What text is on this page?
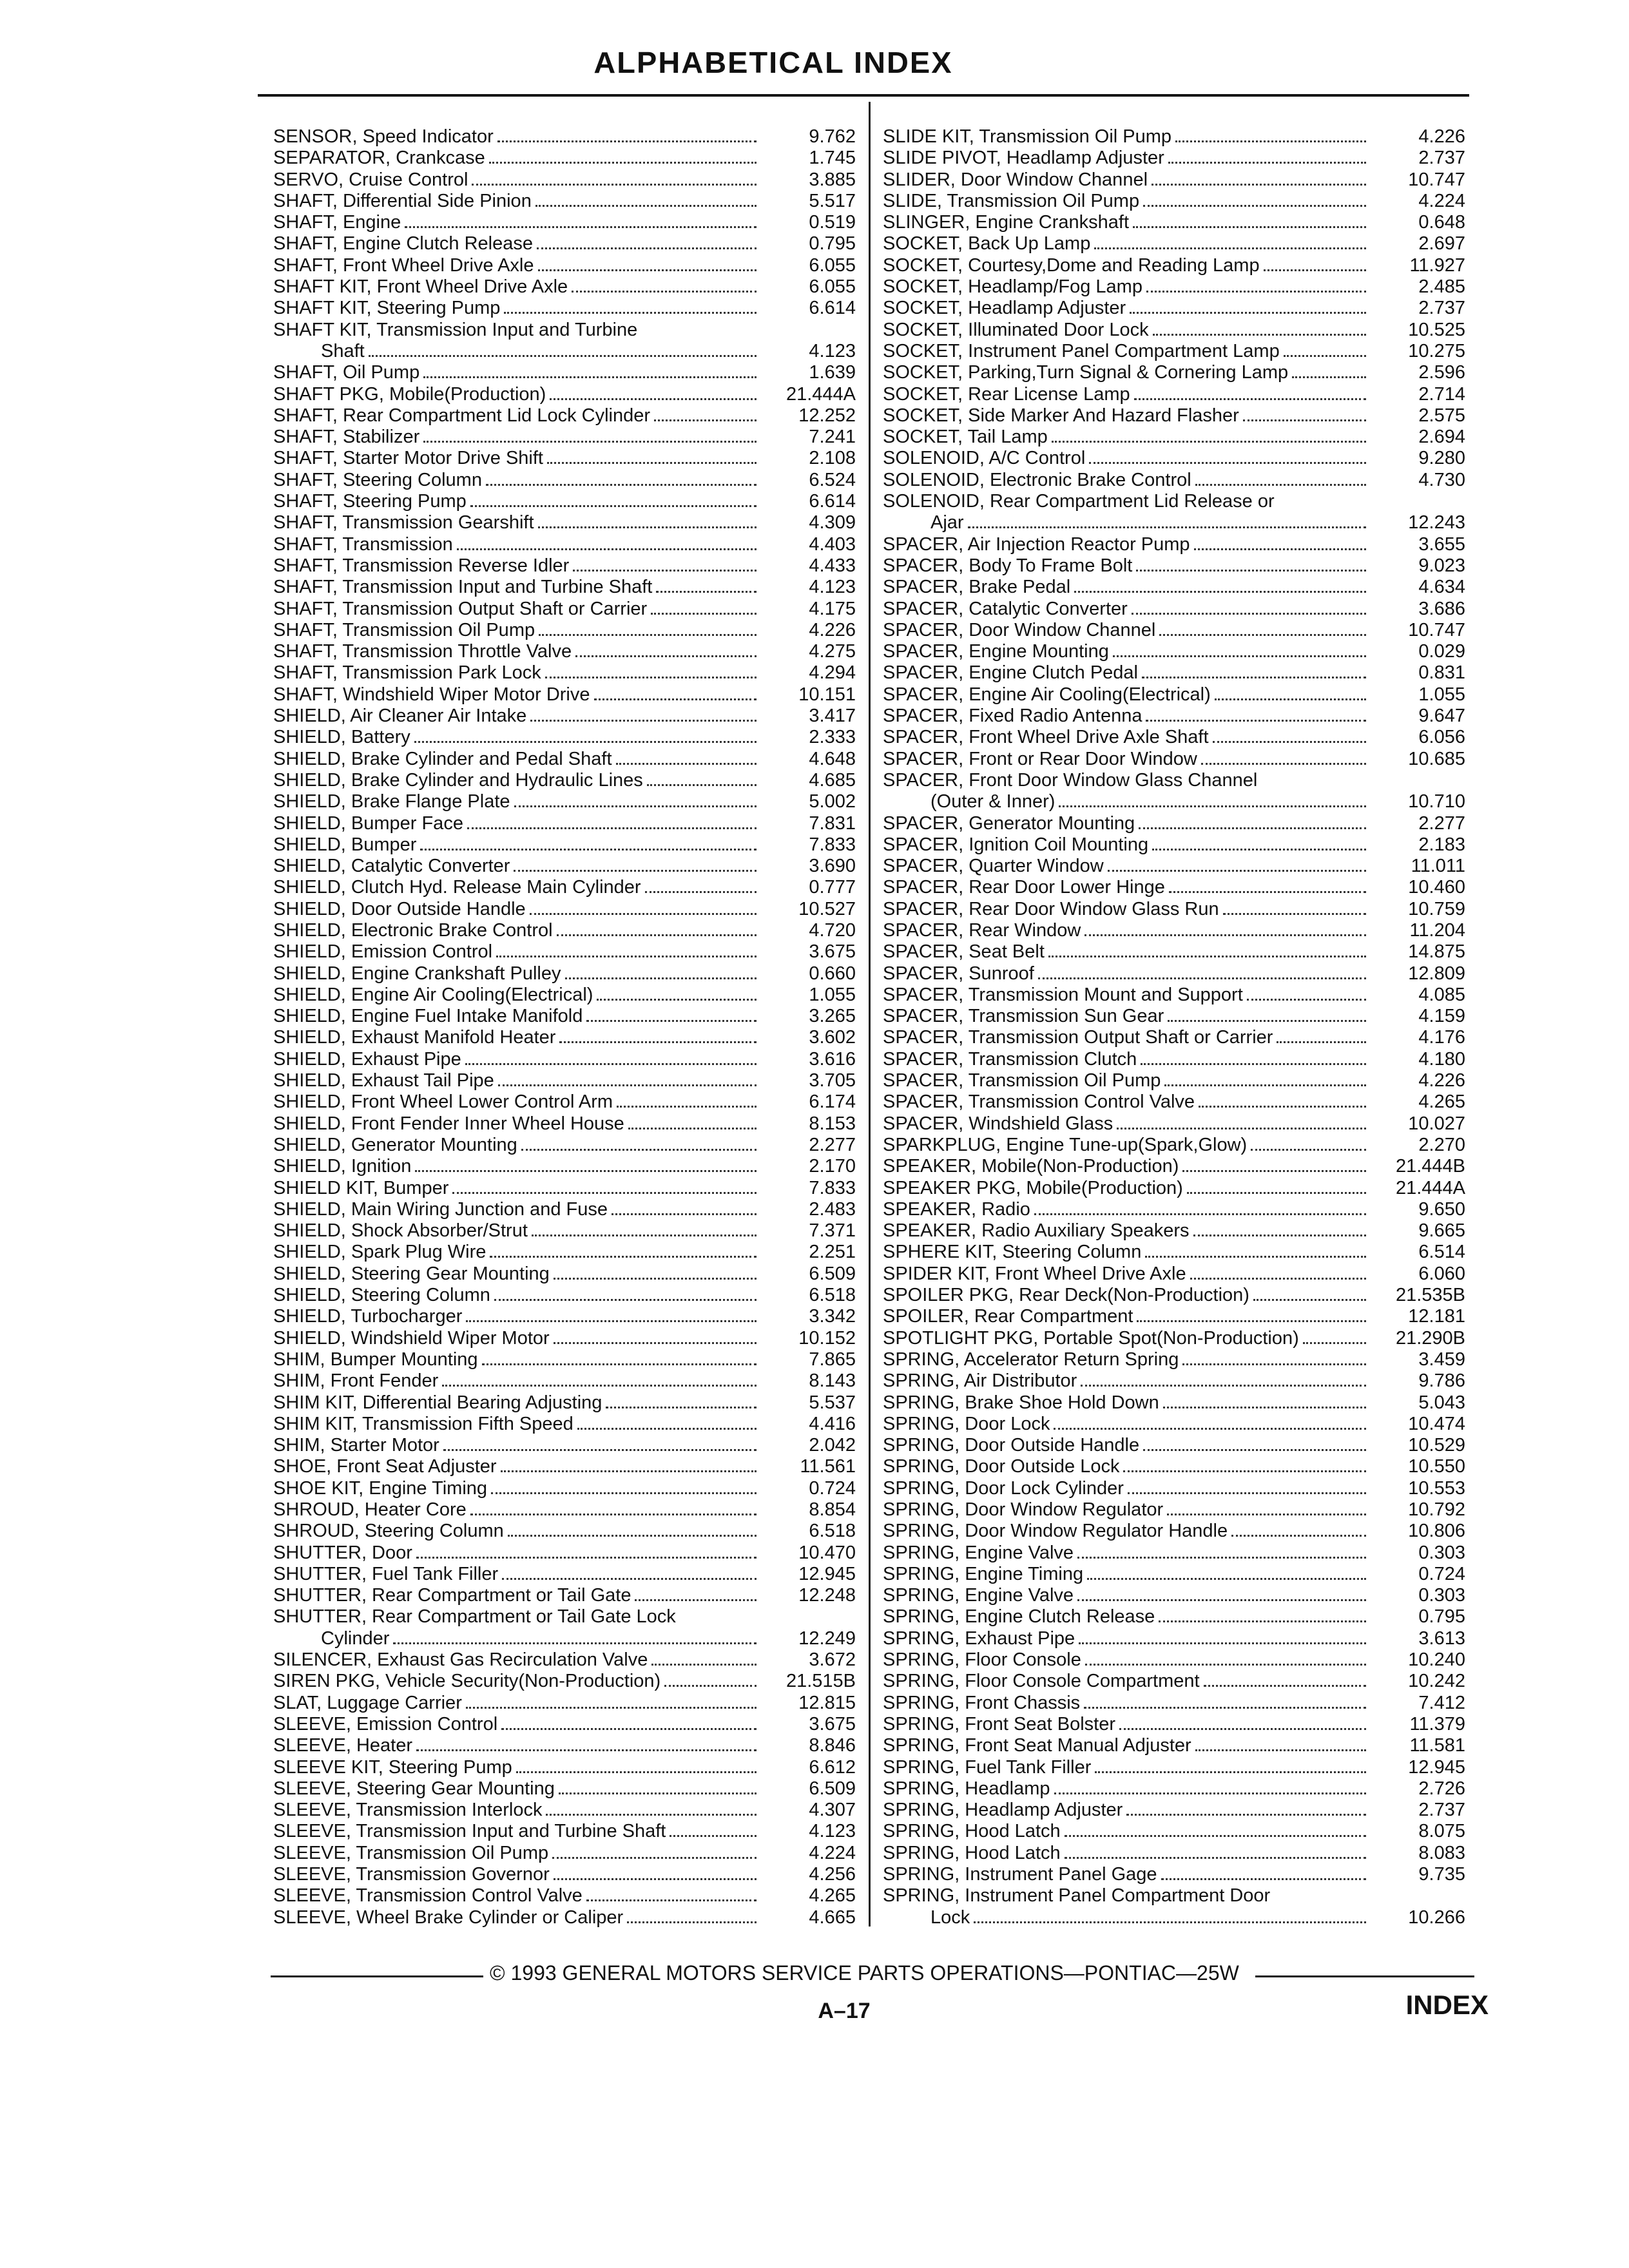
ALPHABETICAL INDEX
SENSOR, Speed Indicator	9.762
SEPARATOR, Crankcase	1.745
SERVO, Cruise Control	3.885
SHAFT, Differential Side Pinion	5.517
SHAFT, Engine	0.519
SHAFT, Engine Clutch Release	0.795
SHAFT, Front Wheel Drive Axle	6.055
SHAFT KIT, Front Wheel Drive Axle	6.055
SHAFT KIT, Steering Pump	6.614
SHAFT KIT, Transmission Input and Turbine
Shaft	4.123
SHAFT, Oil Pump	1.639
SHAFT PKG, Mobile(Production)	21.444A
SHAFT, Rear Compartment Lid Lock Cylinder	12.252
SHAFT, Stabilizer	7.241
SHAFT, Starter Motor Drive Shift	2.108
SHAFT, Steering Column	6.524
SHAFT, Steering Pump	6.614
SHAFT, Transmission Gearshift	4.309
SHAFT, Transmission	4.403
SHAFT, Transmission Reverse Idler	4.433
SHAFT, Transmission Input and Turbine Shaft	4.123
SHAFT, Transmission Output Shaft or Carrier	4.175
SHAFT, Transmission Oil Pump	4.226
SHAFT, Transmission Throttle Valve	4.275
SHAFT, Transmission Park Lock	4.294
SHAFT, Windshield Wiper Motor Drive	10.151
SHIELD, Air Cleaner Air Intake	3.417
SHIELD, Battery	2.333
SHIELD, Brake Cylinder and Pedal Shaft	4.648
SHIELD, Brake Cylinder and Hydraulic Lines	4.685
SHIELD, Brake Flange Plate	5.002
SHIELD, Bumper Face	7.831
SHIELD, Bumper	7.833
SHIELD, Catalytic Converter	3.690
SHIELD, Clutch Hyd. Release Main Cylinder	0.777
SHIELD, Door Outside Handle	10.527
SHIELD, Electronic Brake Control	4.720
SHIELD, Emission Control	3.675
SHIELD, Engine Crankshaft Pulley	0.660
SHIELD, Engine Air Cooling(Electrical)	1.055
SHIELD, Engine Fuel Intake Manifold	3.265
SHIELD, Exhaust Manifold Heater	3.602
SHIELD, Exhaust Pipe	3.616
SHIELD, Exhaust Tail Pipe	3.705
SHIELD, Front Wheel Lower Control Arm	6.174
SHIELD, Front Fender Inner Wheel House	8.153
SHIELD, Generator Mounting	2.277
SHIELD, Ignition	2.170
SHIELD KIT, Bumper	7.833
SHIELD, Main Wiring Junction and Fuse	2.483
SHIELD, Shock Absorber/Strut	7.371
SHIELD, Spark Plug Wire	2.251
SHIELD, Steering Gear Mounting	6.509
SHIELD, Steering Column	6.518
SHIELD, Turbocharger	3.342
SHIELD, Windshield Wiper Motor	10.152
SHIM, Bumper Mounting	7.865
SHIM, Front Fender	8.143
SHIM KIT, Differential Bearing Adjusting	5.537
SHIM KIT, Transmission Fifth Speed	4.416
SHIM, Starter Motor	2.042
SHOE, Front Seat Adjuster	11.561
SHOE KIT, Engine Timing	0.724
SHROUD, Heater Core	8.854
SHROUD, Steering Column	6.518
SHUTTER, Door	10.470
SHUTTER, Fuel Tank Filler	12.945
SHUTTER, Rear Compartment or Tail Gate	12.248
SHUTTER, Rear Compartment or Tail Gate Lock
Cylinder	12.249
SILENCER, Exhaust Gas Recirculation Valve	3.672
SIREN PKG, Vehicle Security(Non-Production)	21.515B
SLAT, Luggage Carrier	12.815
SLEEVE, Emission Control	3.675
SLEEVE, Heater	8.846
SLEEVE KIT, Steering Pump	6.612
SLEEVE, Steering Gear Mounting	6.509
SLEEVE, Transmission Interlock	4.307
SLEEVE, Transmission Input and Turbine Shaft	4.123
SLEEVE, Transmission Oil Pump	4.224
SLEEVE, Transmission Governor	4.256
SLEEVE, Transmission Control Valve	4.265
SLEEVE, Wheel Brake Cylinder or Caliper	4.665
SLIDE KIT, Transmission Oil Pump	4.226
SLIDE PIVOT, Headlamp Adjuster	2.737
SLIDER, Door Window Channel	10.747
SLIDE, Transmission Oil Pump	4.224
SLINGER, Engine Crankshaft	0.648
SOCKET, Back Up Lamp	2.697
SOCKET, Courtesy,Dome and Reading Lamp	11.927
SOCKET, Headlamp/Fog Lamp	2.485
SOCKET, Headlamp Adjuster	2.737
SOCKET, Illuminated Door Lock	10.525
SOCKET, Instrument Panel Compartment Lamp	10.275
SOCKET, Parking,Turn Signal & Cornering Lamp	2.596
SOCKET, Rear License Lamp	2.714
SOCKET, Side Marker And Hazard Flasher	2.575
SOCKET, Tail Lamp	2.694
SOLENOID, A/C Control	9.280
SOLENOID, Electronic Brake Control	4.730
SOLENOID, Rear Compartment Lid Release or
Ajar	12.243
SPACER, Air Injection Reactor Pump	3.655
SPACER, Body To Frame Bolt	9.023
SPACER, Brake Pedal	4.634
SPACER, Catalytic Converter	3.686
SPACER, Door Window Channel	10.747
SPACER, Engine Mounting	0.029
SPACER, Engine Clutch Pedal	0.831
SPACER, Engine Air Cooling(Electrical)	1.055
SPACER, Fixed Radio Antenna	9.647
SPACER, Front Wheel Drive Axle Shaft	6.056
SPACER, Front or Rear Door Window	10.685
SPACER, Front Door Window Glass Channel
(Outer & Inner)	10.710
SPACER, Generator Mounting	2.277
SPACER, Ignition Coil Mounting	2.183
SPACER, Quarter Window	11.011
SPACER, Rear Door Lower Hinge	10.460
SPACER, Rear Door Window Glass Run	10.759
SPACER, Rear Window	11.204
SPACER, Seat Belt	14.875
SPACER, Sunroof	12.809
SPACER, Transmission Mount and Support	4.085
SPACER, Transmission Sun Gear	4.159
SPACER, Transmission Output Shaft or Carrier	4.176
SPACER, Transmission Clutch	4.180
SPACER, Transmission Oil Pump	4.226
SPACER, Transmission Control Valve	4.265
SPACER, Windshield Glass	10.027
SPARKPLUG, Engine Tune-up(Spark,Glow)	2.270
SPEAKER, Mobile(Non-Production)	21.444B
SPEAKER PKG, Mobile(Production)	21.444A
SPEAKER, Radio	9.650
SPEAKER, Radio Auxiliary Speakers	9.665
SPHERE KIT, Steering Column	6.514
SPIDER KIT, Front Wheel Drive Axle	6.060
SPOILER PKG, Rear Deck(Non-Production)	21.535B
SPOILER, Rear Compartment	12.181
SPOTLIGHT PKG, Portable Spot(Non-Production)	21.290B
SPRING, Accelerator Return Spring	3.459
SPRING, Air Distributor	9.786
SPRING, Brake Shoe Hold Down	5.043
SPRING, Door Lock	10.474
SPRING, Door Outside Handle	10.529
SPRING, Door Outside Lock	10.550
SPRING, Door Lock Cylinder	10.553
SPRING, Door Window Regulator	10.792
SPRING, Door Window Regulator Handle	10.806
SPRING, Engine Valve	0.303
SPRING, Engine Timing	0.724
SPRING, Engine Valve	0.303
SPRING, Engine Clutch Release	0.795
SPRING, Exhaust Pipe	3.613
SPRING, Floor Console	10.240
SPRING, Floor Console Compartment	10.242
SPRING, Front Chassis	7.412
SPRING, Front Seat Bolster	11.379
SPRING, Front Seat Manual Adjuster	11.581
SPRING, Fuel Tank Filler	12.945
SPRING, Headlamp	2.726
SPRING, Headlamp Adjuster	2.737
SPRING, Hood Latch	8.075
SPRING, Hood Latch	8.083
SPRING, Instrument Panel Gage	9.735
SPRING, Instrument Panel Compartment Door
Lock	10.266
© 1993 GENERAL MOTORS SERVICE PARTS OPERATIONS—PONTIAC—25W
A–17	INDEX
